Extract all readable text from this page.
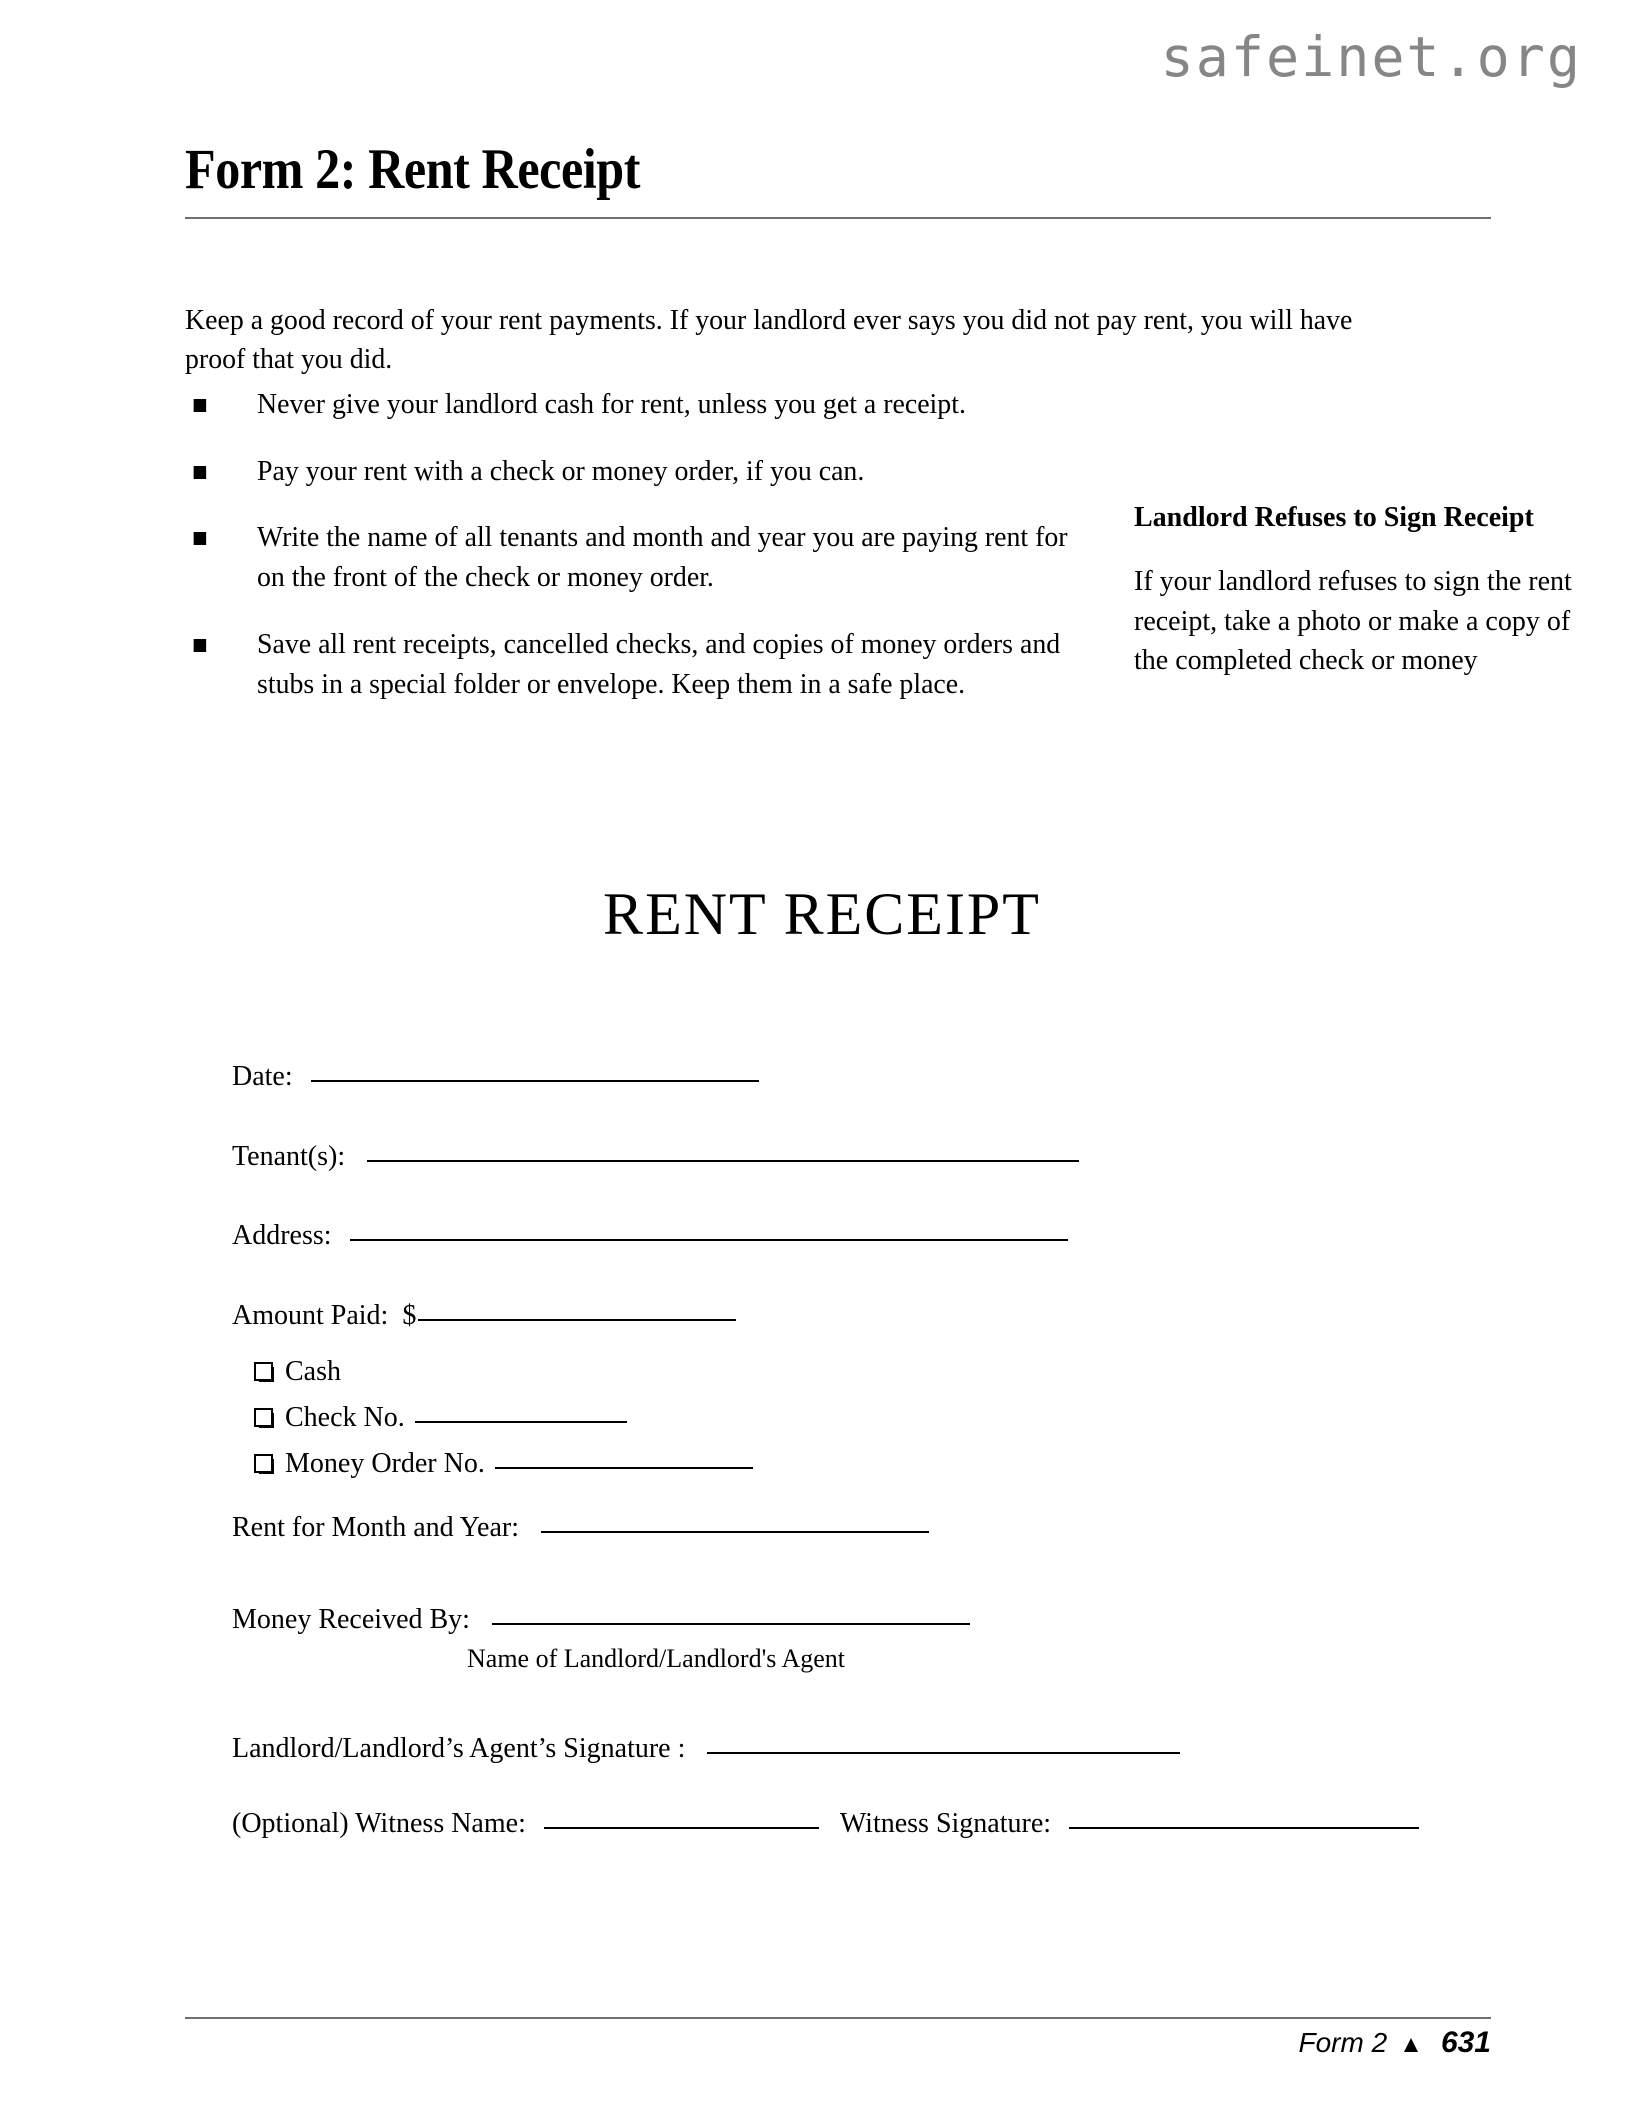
safeinet.org
Form 2: Rent Receipt

Keep a good record of your rent payments. If your landlord ever says you did not pay rent, you will have proof that you did.

Never give your landlord cash for rent, unless you get a receipt.
Pay your rent with a check or money order, if you can.
Write the name of all tenants and month and year you are paying rent for on the front of the check or money order.
Save all rent receipts, cancelled checks, and copies of money orders and stubs in a special folder or envelope. Keep them in a safe place.
Landlord Refuses to Sign Receipt

If your landlord refuses to sign the rent receipt, take a photo or make a copy of the completed check or money

RENT RECEIPT
Date:
Tenant(s):
Address:
Amount Paid: $
Cash
Check No.
Money Order No.
Rent for Month and Year:
Money Received By:
Name of Landlord/Landlord's Agent
Landlord/Landlord’s Agent’s Signature :
(Optional) Witness Name:	Witness Signature:
Form 2 ▲ 631
